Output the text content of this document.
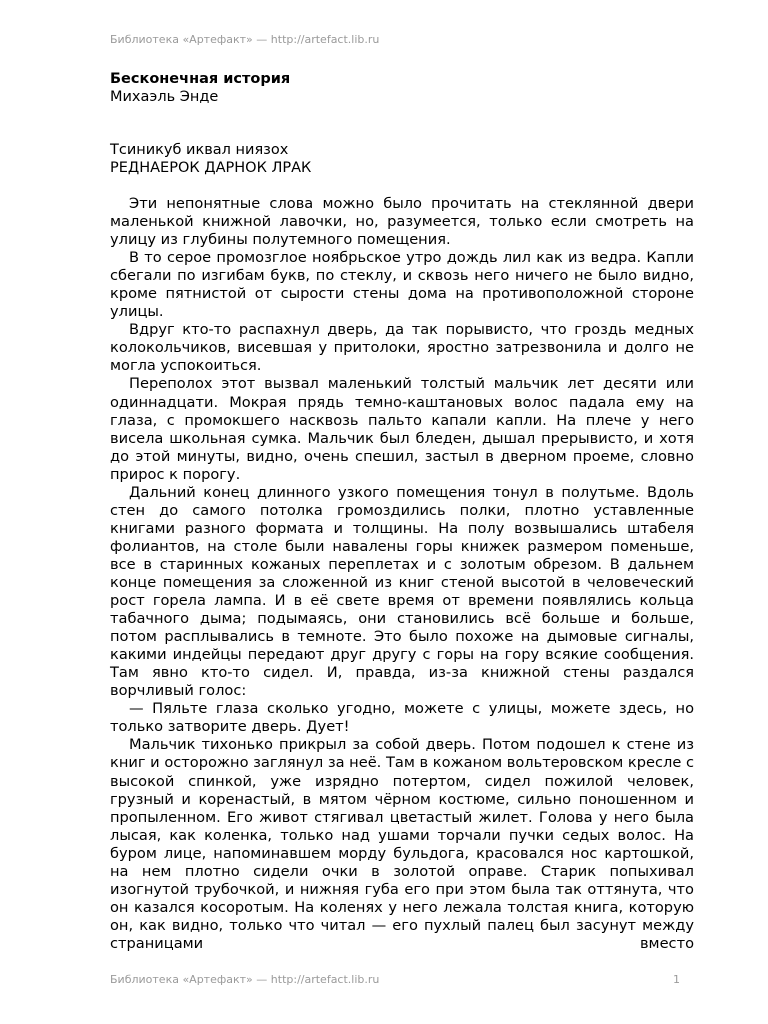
Библиотека «Артефакт» — http://artefact.lib.ru

Бесконечная история

Михаэль Энде

Тсиникуб иквал ниязох
РЕДНАЕРОК ДАРНОК ЛРАК

Эти непонятные слова можно было прочитать на стеклянной двери маленькой книжной лавочки, но, разумеется, только если смотреть на улицу из глубины полутемного помещения.

В то серое промозглое ноябрьское утро дождь лил как из ведра. Капли сбегали по изгибам букв, по стеклу, и сквозь него ничего не было видно, кроме пятнистой от сырости стены дома на противоположной стороне улицы.

Вдруг кто-то распахнул дверь, да так порывисто, что гроздь медных колокольчиков, висевшая у притолоки, яростно затрезвонила и долго не могла успокоиться.

Переполох этот вызвал маленький толстый мальчик лет десяти или одиннадцати. Мокрая прядь темно-каштановых волос падала ему на глаза, с промокшего насквозь пальто капали капли. На плече у него висела школьная сумка. Мальчик был бледен, дышал прерывисто, и хотя до этой минуты, видно, очень спешил, застыл в дверном проеме, словно прирос к порогу.

Дальний конец длинного узкого помещения тонул в полутьме. Вдоль стен до самого потолка громоздились полки, плотно уставленные книгами разного формата и толщины. На полу возвышались штабеля фолиантов, на столе были навалены горы книжек размером поменьше, все в старинных кожаных переплетах и с золотым обрезом. В дальнем конце помещения за сложенной из книг стеной высотой в человеческий рост горела лампа. И в её свете время от времени появлялись кольца табачного дыма; подымаясь, они становились всё больше и больше, потом расплывались в темноте. Это было похоже на дымовые сигналы, какими индейцы передают друг другу с горы на гору всякие сообщения. Там явно кто-то сидел. И, правда, из-за книжной стены раздался ворчливый голос:

— Пяльте глаза сколько угодно, можете с улицы, можете здесь, но только затворите дверь. Дует!

Мальчик тихонько прикрыл за собой дверь. Потом подошел к стене из книг и осторожно заглянул за неё. Там в кожаном вольтеровском кресле с высокой спинкой, уже изрядно потертом, сидел пожилой человек, грузный и коренастый, в мятом чёрном костюме, сильно поношенном и пропыленном. Его живот стягивал цветастый жилет. Голова у него была лысая, как коленка, только над ушами торчали пучки седых волос. На буром лице, напоминавшем морду бульдога, красовался нос картошкой, на нем плотно сидели очки в золотой оправе. Старик попыхивал изогнутой трубочкой, и нижняя губа его при этом была так оттянута, что он казался косоротым. На коленях у него лежала толстая книга, которую он, как видно, только что читал — его пухлый палец был засунут между страницами вместо

Библиотека «Артефакт» — http://artefact.lib.ru	1
